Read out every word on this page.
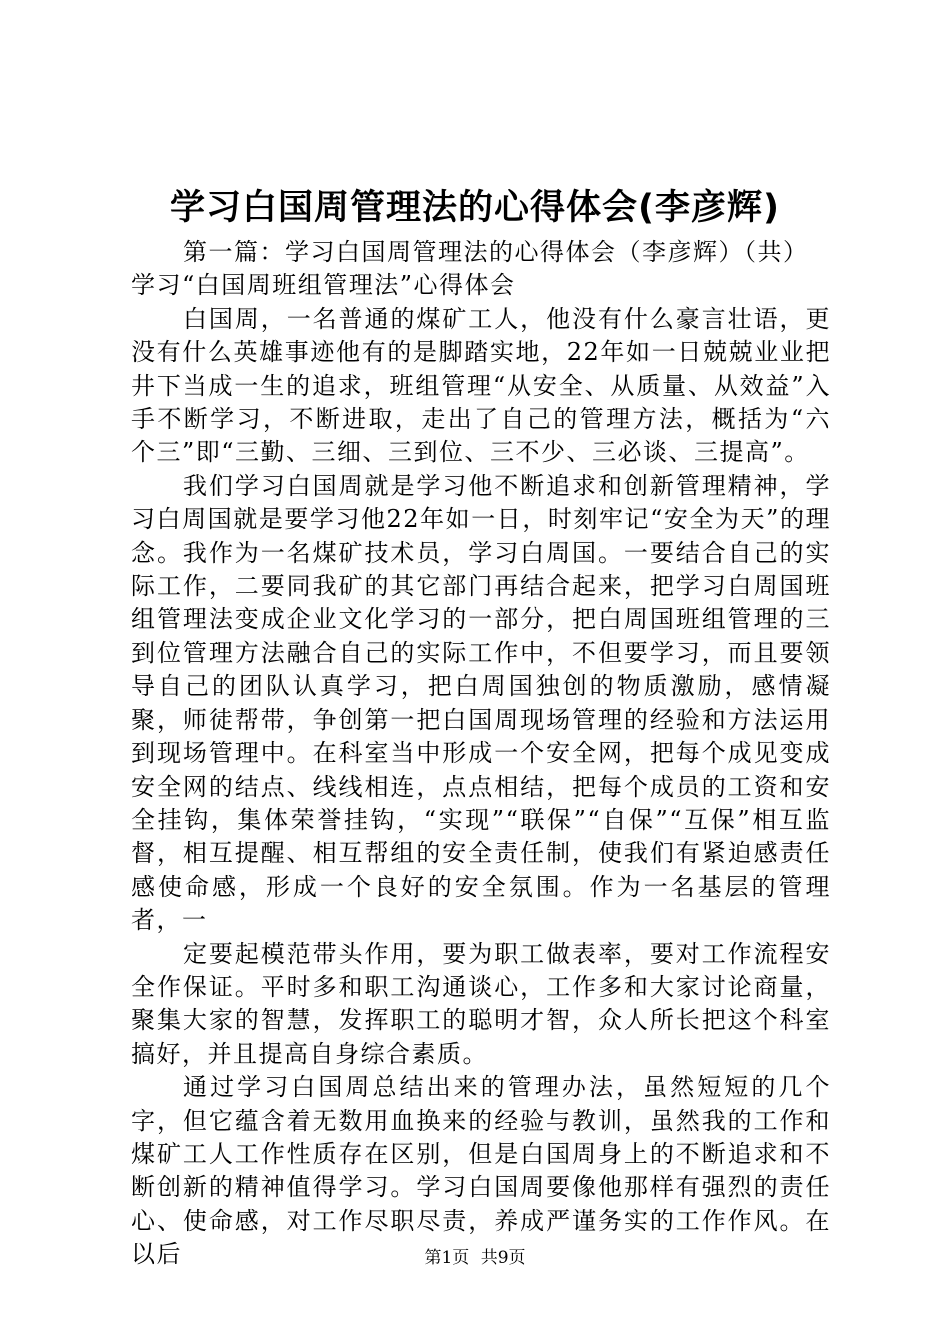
学习白国周管理法的心得体会(李彦辉)

第一篇：学习白国周管理法的心得体会（李彦辉）（共）

学习“白国周班组管理法”心得体会

白国周，一名普通的煤矿工人，他没有什么豪言壮语，更没有什么英雄事迹他有的是脚踏实地，22年如一日兢兢业业把井下当成一生的追求，班组管理“从安全、从质量、从效益”入手不断学习，不断进取，走出了自己的管理方法，概括为“六个三”即“三勤、三细、三到位、三不少、三必谈、三提高”。

我们学习白国周就是学习他不断追求和创新管理精神，学习白周国就是要学习他22年如一日，时刻牢记“安全为天”的理念。我作为一名煤矿技术员，学习白周国。一要结合自己的实际工作，二要同我矿的其它部门再结合起来，把学习白周国班组管理法变成企业文化学习的一部分，把白周国班组管理的三到位管理方法融合自己的实际工作中，不但要学习，而且要领导自己的团队认真学习，把白周国独创的物质激励，感情凝聚，师徒帮带，争创第一把白国周现场管理的经验和方法运用到现场管理中。在科室当中形成一个安全网，把每个成见变成安全网的结点、线线相连，点点相结，把每个成员的工资和安全挂钩，集体荣誉挂钩，“实现”“联保”“自保”“互保”相互监督，相互提醒、相互帮组的安全责任制，使我们有紧迫感责任感使命感，形成一个良好的安全氛围。作为一名基层的管理者，一

定要起模范带头作用，要为职工做表率，要对工作流程安全作保证。平时多和职工沟通谈心，工作多和大家讨论商量，聚集大家的智慧，发挥职工的聪明才智，众人所长把这个科室搞好，并且提高自身综合素质。

通过学习白国周总结出来的管理办法，虽然短短的几个字，但它蕴含着无数用血换来的经验与教训，虽然我的工作和煤矿工人工作性质存在区别，但是白国周身上的不断追求和不断创新的精神值得学习。学习白国周要像他那样有强烈的责任心、使命感，对工作尽职尽责，养成严谨务实的工作作风。在以后	第1页 共9页
